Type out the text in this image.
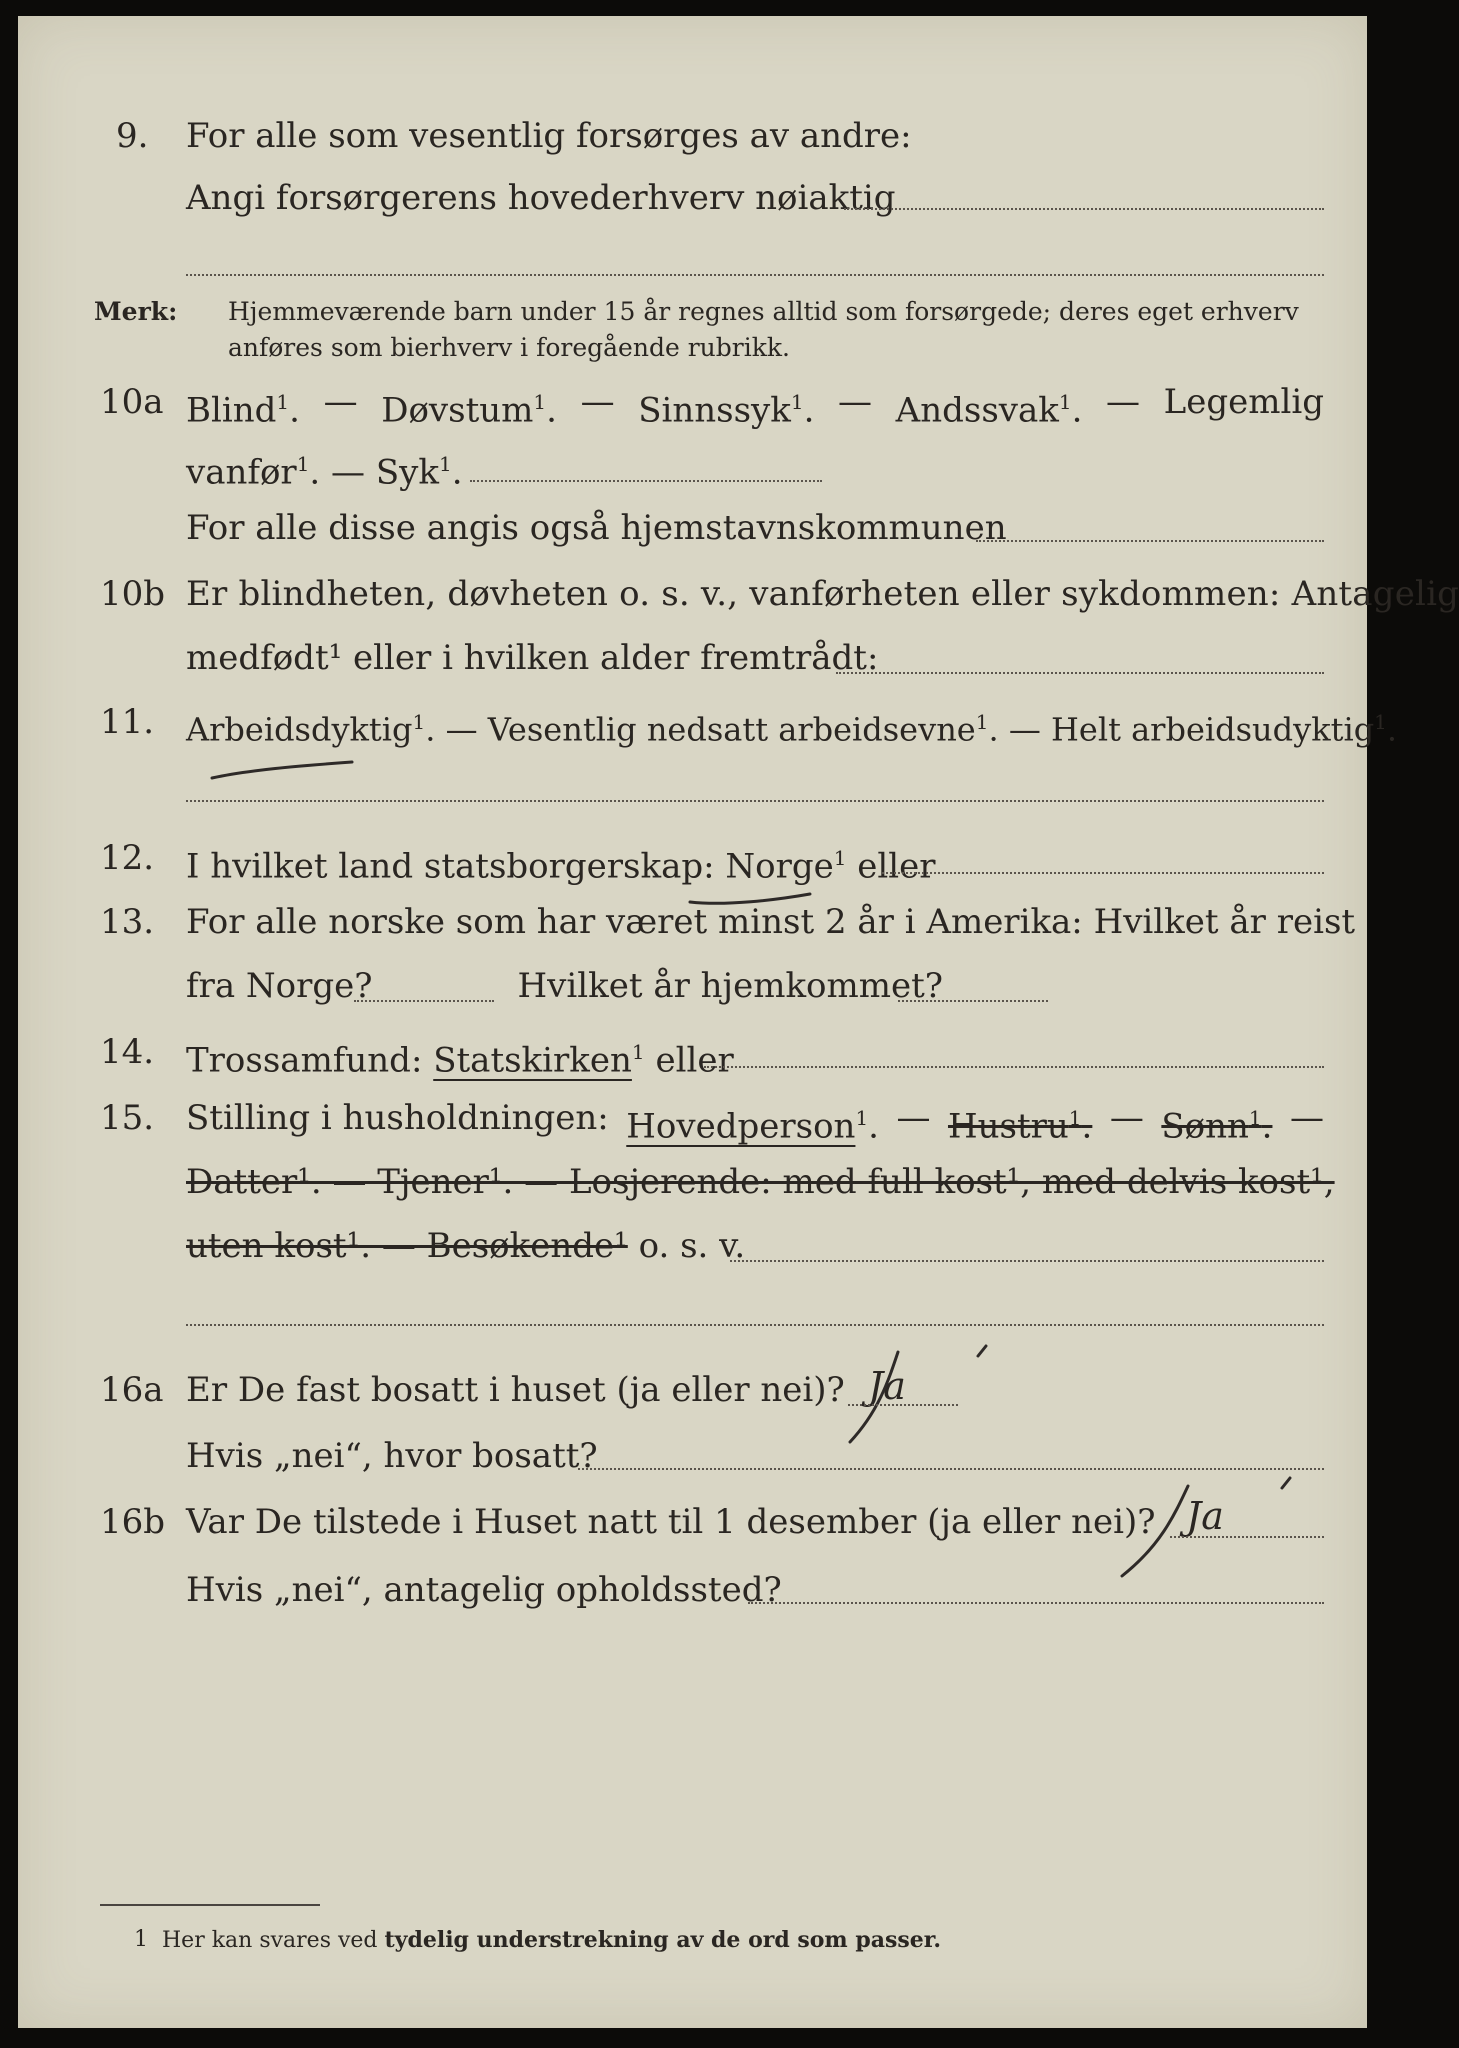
9. For alle som vesentlig forsørges av andre:
Angi forsørgerens hovederhverv nøiaktig
Merk: Hjemmeværende barn under 15 år regnes alltid som forsørgede; deres eget erhverv
anføres som bierhverv i foregående rubrikk.
10a Blind$^1$. — Døvstum$^1$. — Sinnssyk$^1$. — Andssvak$^1$. — Legemlig
vanfør$^1$. — Syk$^1$.
For alle disse angis også hjemstavnskommunen
10b Er blindheten, døvheten o. s. v., vanførheten eller sykdommen: Antagelig
medfødt¹ eller i hvilken alder fremtrådt:
11. Arbeidsdyktig$^1$. — Vesentlig nedsatt arbeidsevne$^1$. — Helt arbeidsudyktig$^1$.
12. I hvilket land statsborgerskap: Norge$^1$ eller
13. For alle norske som har været minst 2 år i Amerika: Hvilket år reist
fra Norge?	Hvilket år hjemkommet?
14. Trossamfund: Statskirken$^1$ eller
15. Stilling i husholdningen: Hovedperson$^1$. — Hustru$^1$. — Sønn$^1$. —
Datter¹. — Tjener¹. — Losjerende: med full kost¹, med delvis kost¹,
uten kost¹. — Besøkende¹ o. s. v.
16a Er De fast bosatt i huset (ja eller nei)? Ja
Hvis „nei“, hvor bosatt?
16b Var De tilstede i Huset natt til 1 desember (ja eller nei)? Ja
Hvis „nei“, antagelig opholdssted?
1 Her kan svares ved tydelig understrekning av de ord som passer.
